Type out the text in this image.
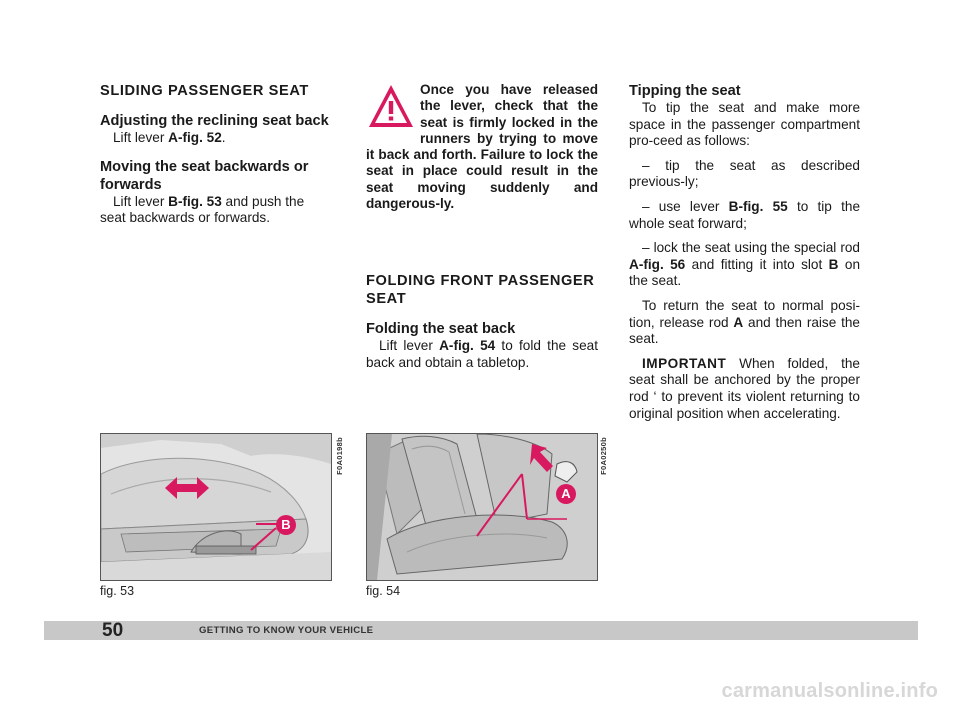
SLIDING PASSENGER SEAT

Adjusting the reclining seat back

Lift lever A-fig. 52.

Moving the seat backwards or forwards

Lift lever B-fig. 53 and push the seat backwards or forwards.

Once you have released the lever, check that the seat is firmly locked in the runners by trying to move it back and forth. Failure to lock the seat in place could result in the seat moving suddenly and dangerous-ly.

FOLDING FRONT PASSENGER SEAT

Folding the seat back

Lift lever A-fig. 54 to fold the seat back and obtain a tabletop.

Tipping the seat

To tip the seat and make more space in the passenger compartment pro-ceed as follows:

– tip the seat as described previous-ly;

– use lever B-fig. 55 to tip the whole seat forward;

– lock the seat using the special rod A-fig. 56 and fitting it into slot B on the seat.

To return the seat to normal posi-tion, release rod A and then raise the seat.

IMPORTANT When folded, the seat shall be anchored by the proper rod ‘ to prevent its violent returning to original position when accelerating.

B
F0A0198b
fig. 53
A
F0A0250b
fig. 54
50	GETTING TO KNOW YOUR VEHICLE
carmanualsonline.info
